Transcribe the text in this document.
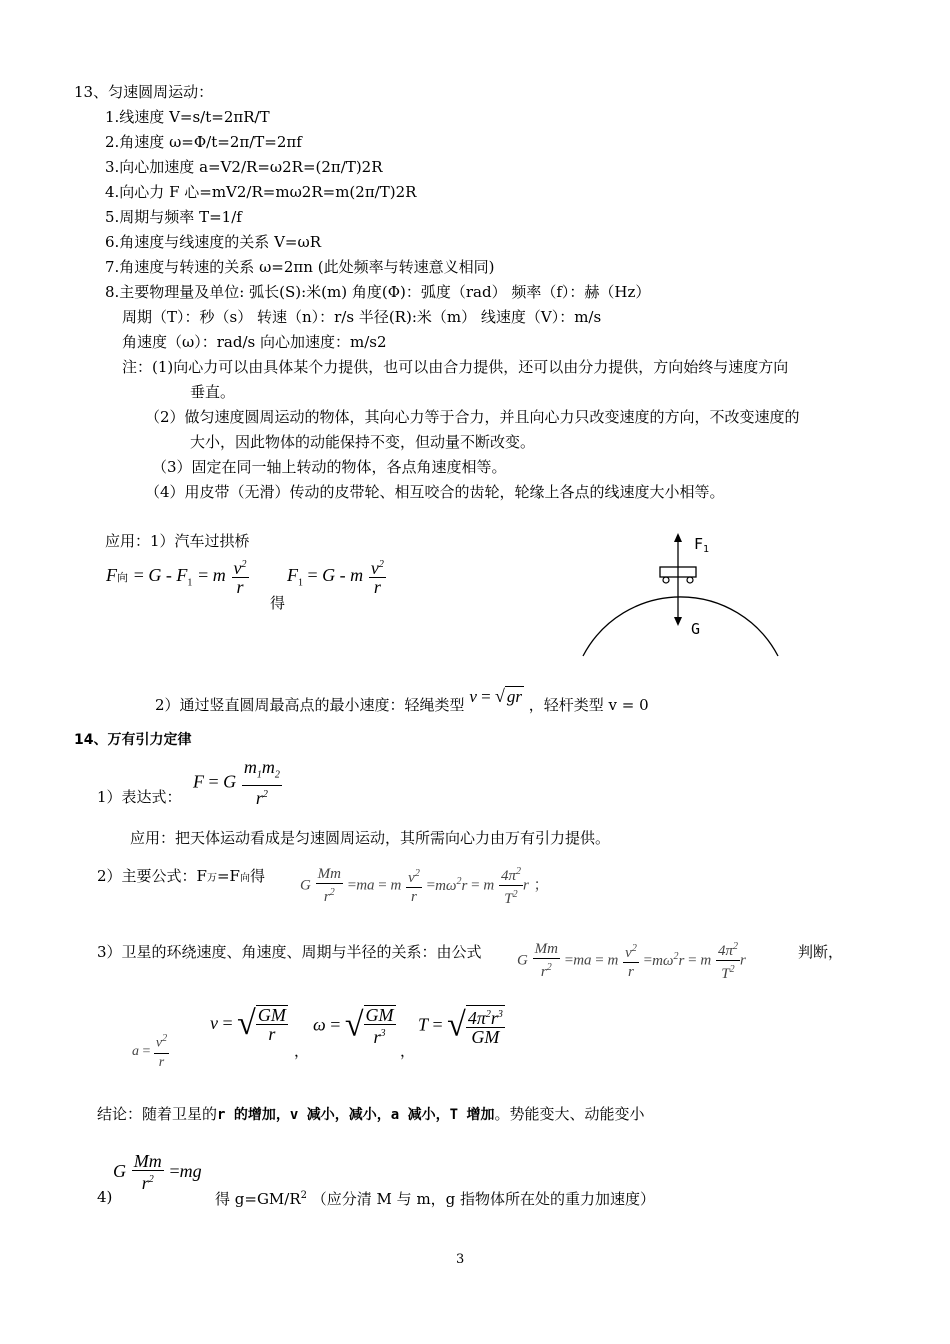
13、匀速圆周运动：
1.线速度 V=s/t=2πR/T
2.角速度 ω=Φ/t=2π/T=2πf
3.向心加速度 a=V2/R=ω2R=(2π/T)2R
4.向心力 F 心=mV2/R=mω2R=m(2π/T)2R
5.周期与频率 T=1/f
6.角速度与线速度的关系 V=ωR
7.角速度与转速的关系 ω=2πn (此处频率与转速意义相同)
8.主要物理量及单位: 弧长(S):米(m) 角度(Φ)：弧度（rad） 频率（f）：赫（Hz）
周期（T）：秒（s） 转速（n）：r/s 半径(R):米（m） 线速度（V）：m/s
角速度（ω）：rad/s 向心加速度：m/s2
注：(1)向心力可以由具体某个力提供，也可以由合力提供，还可以由分力提供，方向始终与速度方向
垂直。
（2）做匀速度圆周运动的物体，其向心力等于合力，并且向心力只改变速度的方向，不改变速度的
大小，因此物体的动能保持不变，但动量不断改变。
（3）固定在同一轴上转动的物体，各点角速度相等。
（4）用皮带（无滑）传动的皮带轮、相互咬合的齿轮，轮缘上各点的线速度大小相等。
应用：1）汽车过拱桥
F向 = $G - F_1 = m \frac{v^2}{r}$
得
$F_1 = G - m \frac{v^2}{r}$
$F_1$
G
2）通过竖直圆周最高点的最小速度：轻绳类型 v = √ gr ，轻杆类型 v = 0
14、万有引力定律
F = G $\frac{m_1m_2}{r^2}$
1）表达式：
应用：把天体运动看成是匀速圆周运动，其所需向心力由万有引力提供。
2）主要公式：F万=F向得
G $\frac{Mm}{r^2} =ma = m \frac{v^2}{r} =m\omega^2r = m \frac{4\pi^2}{T^2}$ r ；
3）卫星的环绕速度、角速度、周期与半径的关系：由公式 G $\frac{Mm}{r^2} =ma = m \frac{v^2}{r} =m\omega^2r = m \frac{4\pi^2}{T^2}$ r	判断，
$a = \frac{v^2}{r}$
v = √ $\frac{GM}{r}$
，
ω = √ $\frac{GM}{r^3}$
，
T = √ $\frac{4\pi^2r^3}{GM}$
结论：随着卫星的r 的增加，v 减小，减小，a 减小，T 增加。势能变大、动能变小
G $\frac{Mm}{r^2} =mg$
4)	得 $g=GM/R^2$ （应分清 M 与 m，g 指物体所在处的重力加速度）
3
